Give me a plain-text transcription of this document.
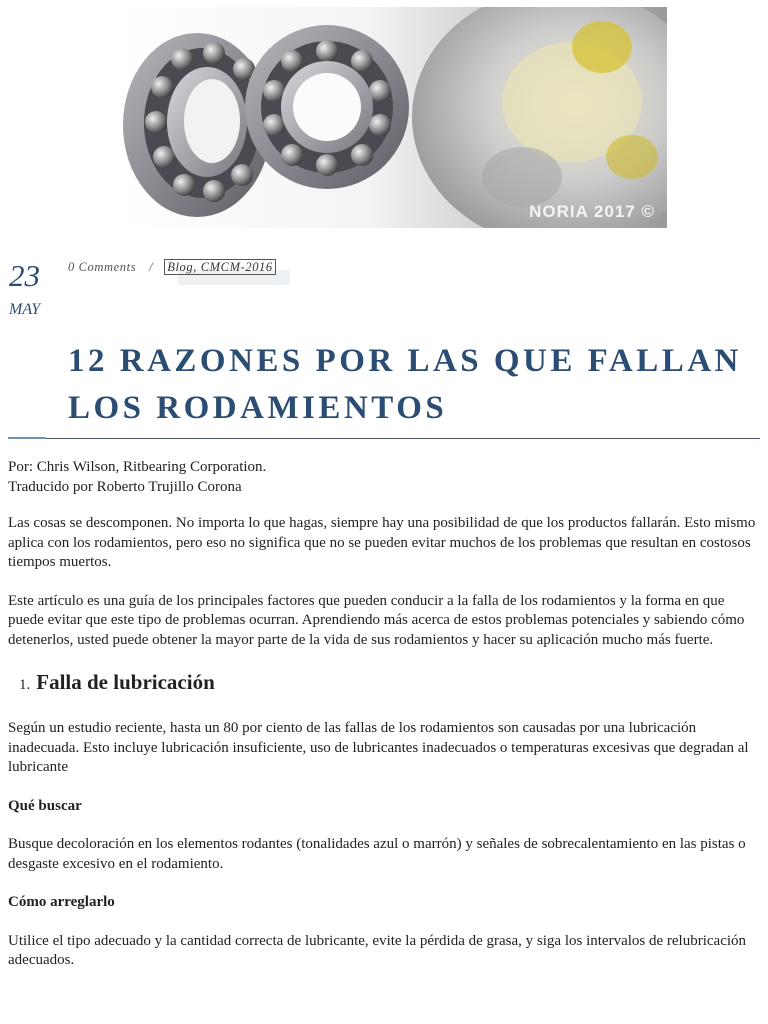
NORIA 2017 ©
23
MAY
0 Comments / Blog, CMCM-2016
12 RAZONES POR LAS QUE FALLAN LOS RODAMIENTOS

Por: Chris Wilson, Ritbearing Corporation.
Traducido por Roberto Trujillo Corona

Las cosas se descomponen. No importa lo que hagas, siempre hay una posibilidad de que los productos fallarán. Esto mismo aplica con los rodamientos, pero eso no significa que no se pueden evitar muchos de los problemas que resultan en costosos tiempos muertos.

Este artículo es una guía de los principales factores que pueden conducir a la falla de los rodamientos y la forma en que puede evitar que este tipo de problemas ocurran. Aprendiendo más acerca de estos problemas potenciales y sabiendo cómo detenerlos, usted puede obtener la mayor parte de la vida de sus rodamientos y hacer su aplicación mucho más fuerte.

1. Falla de lubricación

Según un estudio reciente, hasta un 80 por ciento de las fallas de los rodamientos son causadas por una lubricación inadecuada. Esto incluye lubricación insuficiente, uso de lubricantes inadecuados o temperaturas excesivas que degradan al lubricante

Qué buscar

Busque decoloración en los elementos rodantes (tonalidades azul o marrón) y señales de sobrecalentamiento en las pistas o desgaste excesivo en el rodamiento.

Cómo arreglarlo

Utilice el tipo adecuado y la cantidad correcta de lubricante, evite la pérdida de grasa, y siga los intervalos de relubricación adecuados.
